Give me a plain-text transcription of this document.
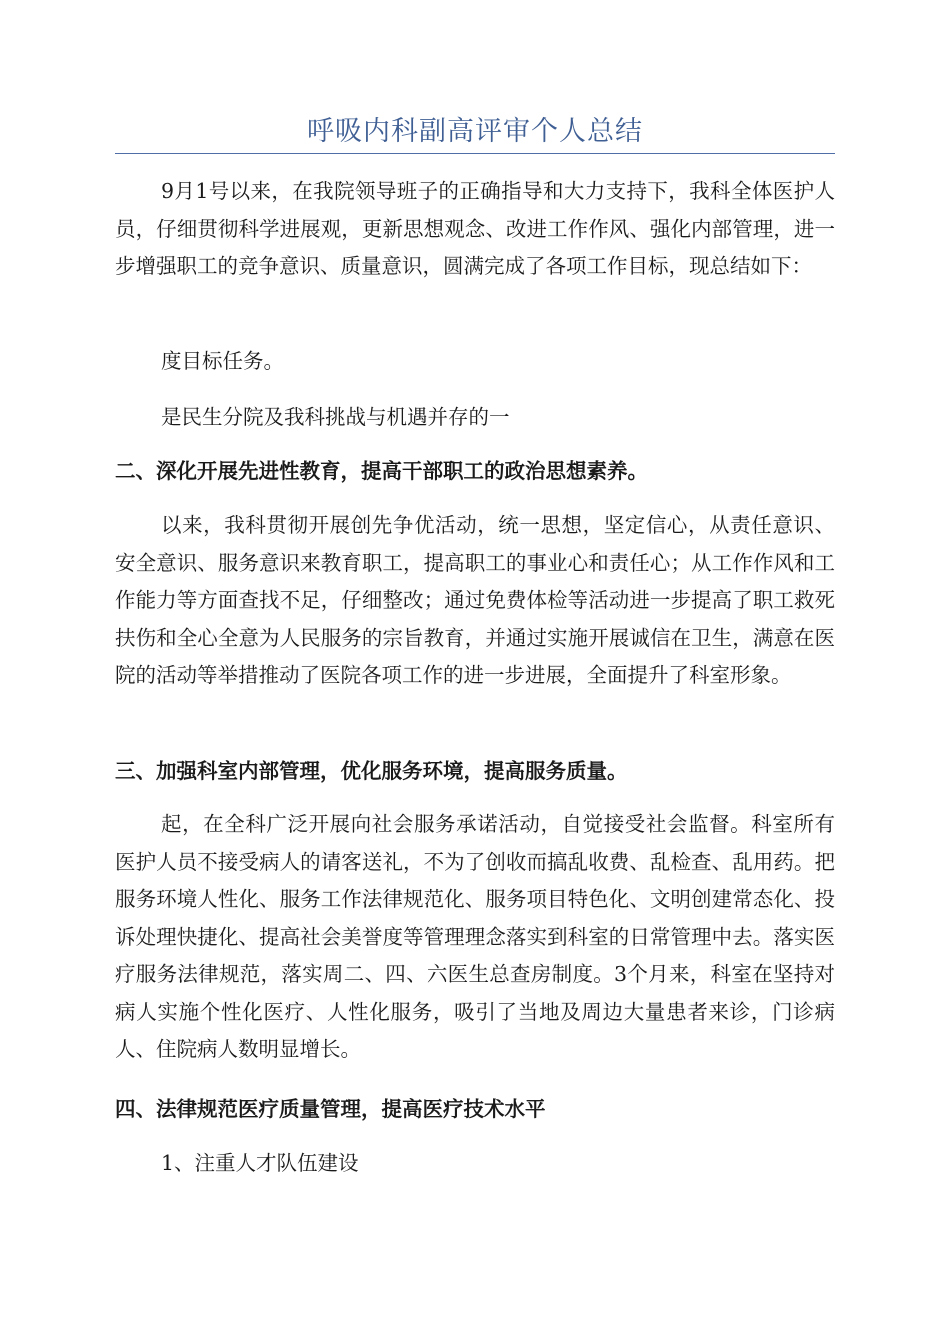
呼吸内科副高评审个人总结

9月1号以来，在我院领导班子的正确指导和大力支持下，我科全体医护人员，仔细贯彻科学进展观，更新思想观念、改进工作作风、强化内部管理，进一步增强职工的竞争意识、质量意识，圆满完成了各项工作目标，现总结如下：

度目标任务。

是民生分院及我科挑战与机遇并存的一

二、深化开展先进性教育，提高干部职工的政治思想素养。

以来，我科贯彻开展创先争优活动，统一思想，坚定信心，从责任意识、安全意识、服务意识来教育职工，提高职工的事业心和责任心；从工作作风和工作能力等方面查找不足，仔细整改；通过免费体检等活动进一步提高了职工救死扶伤和全心全意为人民服务的宗旨教育，并通过实施开展诚信在卫生，满意在医院的活动等举措推动了医院各项工作的进一步进展，全面提升了科室形象。

三、加强科室内部管理，优化服务环境，提高服务质量。

起，在全科广泛开展向社会服务承诺活动，自觉接受社会监督。科室所有医护人员不接受病人的请客送礼，不为了创收而搞乱收费、乱检查、乱用药。把服务环境人性化、服务工作法律规范化、服务项目特色化、文明创建常态化、投诉处理快捷化、提高社会美誉度等管理理念落实到科室的日常管理中去。落实医疗服务法律规范，落实周二、四、六医生总查房制度。3个月来，科室在坚持对病人实施个性化医疗、人性化服务，吸引了当地及周边大量患者来诊，门诊病人、住院病人数明显增长。

四、法律规范医疗质量管理，提高医疗技术水平

1、注重人才队伍建设
